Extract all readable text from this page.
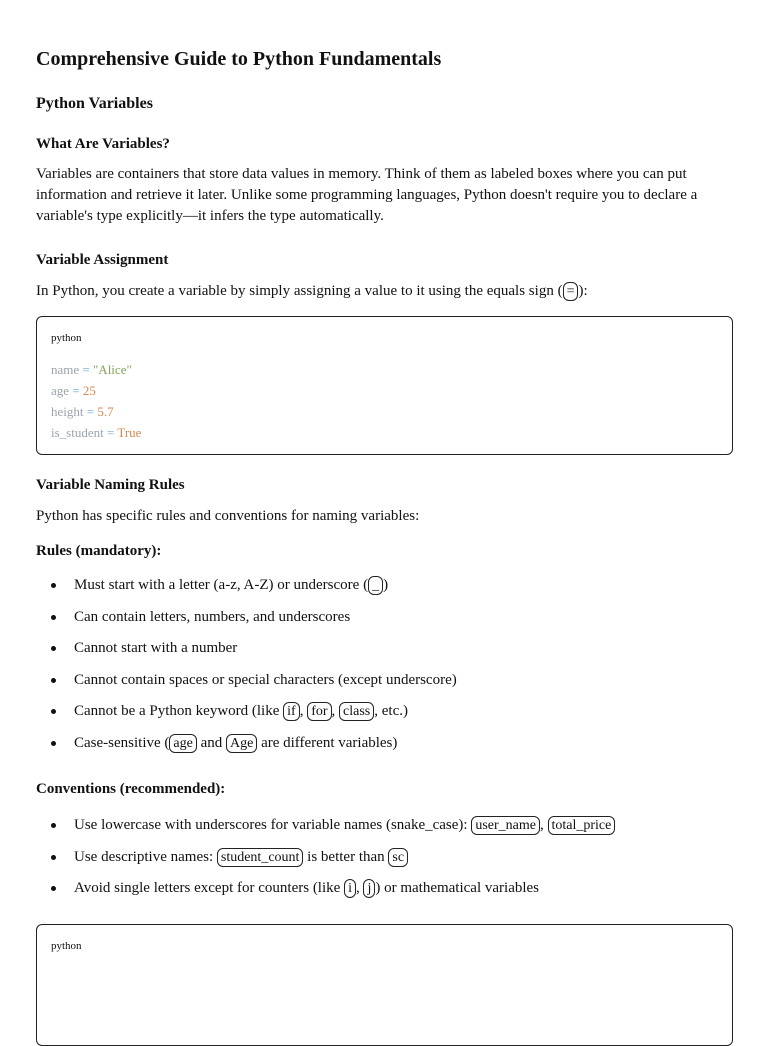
Comprehensive Guide to Python Fundamentals
Python Variables
What Are Variables?

Variables are containers that store data values in memory. Think of them as labeled boxes where you can put information and retrieve it later. Unlike some programming languages, Python doesn't require you to declare a variable's type explicitly—it infers the type automatically.

Variable Assignment

In Python, you create a variable by simply assigning a value to it using the equals sign ( = ):

python
name = "Alice"
age = 25
height = 5.7
is_student = True
Variable Naming Rules

Python has specific rules and conventions for naming variables:

Rules (mandatory):
Must start with a letter (a-z, A-Z) or underscore ( _ )
Can contain letters, numbers, and underscores
Cannot start with a number
Cannot contain spaces or special characters (except underscore)
Cannot be a Python keyword (like if , for , class , etc.)
Case-sensitive ( age and Age are different variables)
Conventions (recommended):
Use lowercase with underscores for variable names (snake_case): user_name , total_price
Use descriptive names: student_count is better than sc
Avoid single letters except for counters (like i , j ) or mathematical variables
python
